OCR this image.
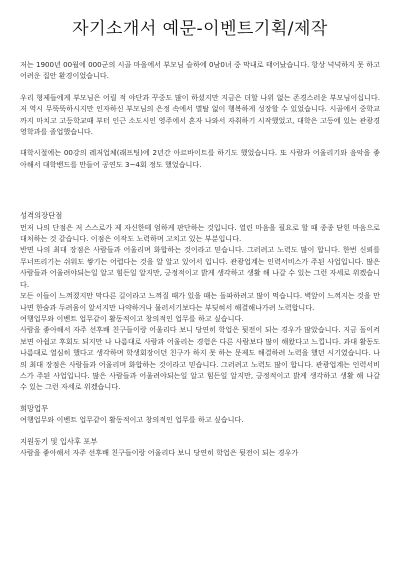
자기소개서 예문-이벤트기획/제작

저는 1900년 00월에 000군의 시골 마을에서 부모님 슬하에 0남0녀 중 막내로 태어났습니다. 항상 넉넉하지 못 하고 어려운 집안 환경이었습니다.

우리 형제들에게 부모님은 어릴 적 야단과 꾸중도 많이 하셨지만 지금은 더할 나위 없는 존경스러운 부모님이십니다. 저 역시 무뚝뚝하시지만 인자하신 부모님의 은정 속에서 별탈 없이 행복하게 성장할 수 있었습니다. 시골에서 중학교까지 마치고 고등학교때 부터 인근 소도시인 영주에서 혼자 나와서 자취하기 시작했었고, 대학은 고등에 있는 관광경영학과를 졸업했습니다.

대학시절에는 00강의 레저업체(래프팅)에 2년간 아르바이트를 하기도 했었습니다. 또 사람과 어울리기와 음악을 좋아해서 대학밴드를 만들어 공연도 3~4회 정도 했었습니다.

성격의장단점

먼저 나의 단점은 저 스스로가 제 자신한테 엄하게 판단하는 것입니다. 열린 마음을 필요로 할 때 종종 닫힌 마음으로 대처하는 것 같습니다. 이점은 이작도 노력하며 고치고 있는 부분입니다.

반면 나의 최대 장점은 사람들과 어울리며 화합하는 것이라고 믿습니다. 그러려고 노력도 많이 합니다. 한번 신뢰를 무너뜨리기는 쉬워도 쌓기는 어렵다는 것을 알 알고 있어서 입니다. 관광업계는 인력서비스가 주된 사업입니다. 많은 사람들과 어울려야되는일 알고 힘든일 알지만, 긍정적이고 밝게 생각하고 생활 해 나갈 수 있는 그런 자세로 위겠습니다.

모든 이들이 느껴졌지만 막다른 길이라고 느껴질 때가 있을 때는 돌파하려고 많이 먹습니다. 벽앞이 느껴지는 것을 만나면 한숨과 두려움이 앞서지만 나약하거나 물러서기보다는 부딪혀서 해결해나가려 노력합니다.

여행업무와 이벤트 업무같이 활동적이고 창의적인 업무를 하고 싶습니다.

사람을 좋아해서 자주 선후배 친구들이랑 어울리다 보니 당연히 학업은 뒷전이 되는 경우가 많았습니다. 지금 돌이켜보면 아쉽고 후회도 되지만 나 나름대로 사람과 어울리는 경험은 다른 사람보다 많이 해왔다고 느낍니다. 과대 활동도 나름대로 열심히 했다고 생각하며 학생회장이던 친구가 하지 못 하는 문제도 해결하려 노력을 했던 시기였습니다. 나의 최대 장점은 사람들과 어울리며 화합하는 것이라고 믿습니다. 그러려고 노력도 많이 합니다. 관광업계는 인력서비스가 주된 사업입니다. 많은 사람들과 어울려야되는일 알고 힘든일 알지만, 긍정적이고 밝게 생각하고 생활 해 나갈 수 있는 그런 자세로 위겠습니다.

희망업무

여행업무와 이벤트 업무같이 활동적이고 창의적인 업무를 하고 싶습니다.

지원동기 및 입사후 포부

사람을 좋아해서 자주 선후배 친구들이랑 어울리다 보니 당연히 학업은 뒷전이 되는 경우가
